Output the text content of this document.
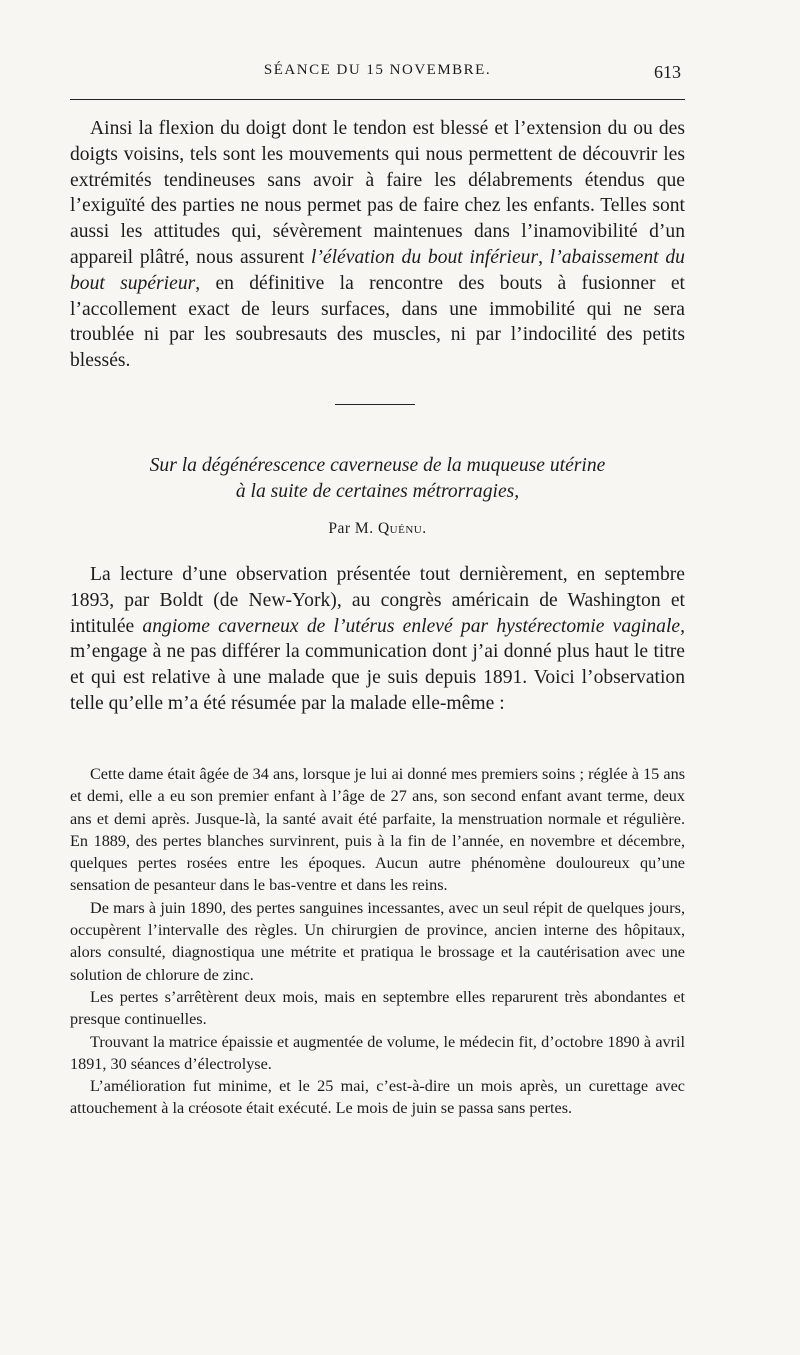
SÉANCE DU 15 NOVEMBRE.	613

Ainsi la flexion du doigt dont le tendon est blessé et l’extension du ou des doigts voisins, tels sont les mouvements qui nous permettent de découvrir les extrémités tendineuses sans avoir à faire les délabrements étendus que l’exiguïté des parties ne nous permet pas de faire chez les enfants. Telles sont aussi les attitudes qui, sévèrement maintenues dans l’inamovibilité d’un appareil plâtré, nous assurent l’élévation du bout inférieur, l’abaissement du bout supérieur, en définitive la rencontre des bouts à fusionner et l’accollement exact de leurs surfaces, dans une immobilité qui ne sera troublée ni par les soubresauts des muscles, ni par l’indocilité des petits blessés.

Sur la dégénérescence caverneuse de la muqueuse utérine
à la suite de certaines métrorragies,
Par M. Quénu.

La lecture d’une observation présentée tout dernièrement, en septembre 1893, par Boldt (de New-York), au congrès américain de Washington et intitulée angiome caverneux de l’utérus enlevé par hystérectomie vaginale, m’engage à ne pas différer la communication dont j’ai donné plus haut le titre et qui est relative à une malade que je suis depuis 1891. Voici l’observation telle qu’elle m’a été résumée par la malade elle-même :

Cette dame était âgée de 34 ans, lorsque je lui ai donné mes premiers soins ; réglée à 15 ans et demi, elle a eu son premier enfant à l’âge de 27 ans, son second enfant avant terme, deux ans et demi après. Jusque-là, la santé avait été parfaite, la menstruation normale et régulière. En 1889, des pertes blanches survinrent, puis à la fin de l’année, en novembre et décembre, quelques pertes rosées entre les époques. Aucun autre phénomène douloureux qu’une sensation de pesanteur dans le bas-ventre et dans les reins.

De mars à juin 1890, des pertes sanguines incessantes, avec un seul répit de quelques jours, occupèrent l’intervalle des règles. Un chirurgien de province, ancien interne des hôpitaux, alors consulté, diagnostiqua une métrite et pratiqua le brossage et la cautérisation avec une solution de chlorure de zinc.

Les pertes s’arrêtèrent deux mois, mais en septembre elles reparurent très abondantes et presque continuelles.

Trouvant la matrice épaissie et augmentée de volume, le médecin fit, d’octobre 1890 à avril 1891, 30 séances d’électrolyse.

L’amélioration fut minime, et le 25 mai, c’est-à-dire un mois après, un curettage avec attouchement à la créosote était exécuté. Le mois de juin se passa sans pertes.
